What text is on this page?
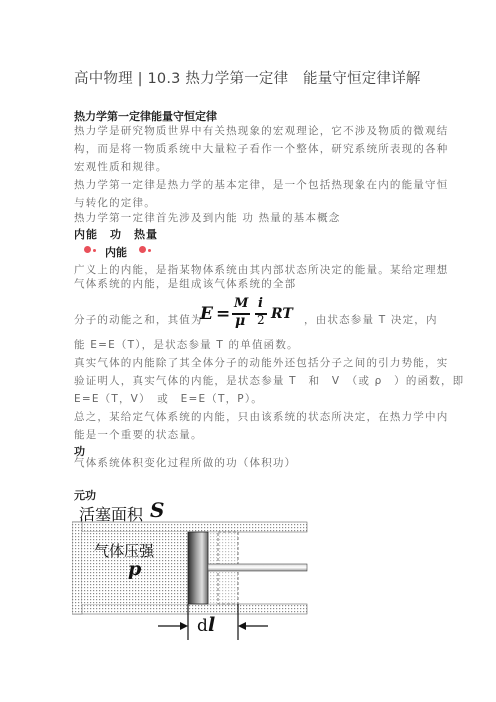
高中物理 | 10.3 热力学第一定律　能量守恒定律详解
热力学第一定律能量守恒定律
热力学是研究物质世界中有关热现象的宏观理论，它不涉及物质的微观结
构，而是将一物质系统中大量粒子看作一个整体，研究系统所表现的各种
宏观性质和规律。
热力学第一定律是热力学的基本定律，是一个包括热现象在内的能量守恒
与转化的定律。
热力学第一定律首先涉及到内能 功 热量的基本概念
内能　功　热量
内能
广义上的内能，是指某物体系统由其内部状态所决定的能量。某给定理想
气体系统的内能，是组成该气体系统的全部
分子的动能之和，其值为
E =
M
μ
i
2 RT ，由状态参量 T 决定，内
能 E=E（T），是状态参量 T 的单值函数。
真实气体的内能除了其全体分子的动能外还包括分子之间的引力势能，实
验证明人，真实气体的内能，是状态参量 T　和　V　（或 ρ　）的函数，即
E=E（T，V）　或　E=E（T，P）。
总之，某给定气体系统的内能，只由该系统的状态所决定，在热力学中内
能是一个重要的状态量。
功
气体系统体积变化过程所做的功（体积功）
元功
活塞面积 S
气体压强
p
d l
